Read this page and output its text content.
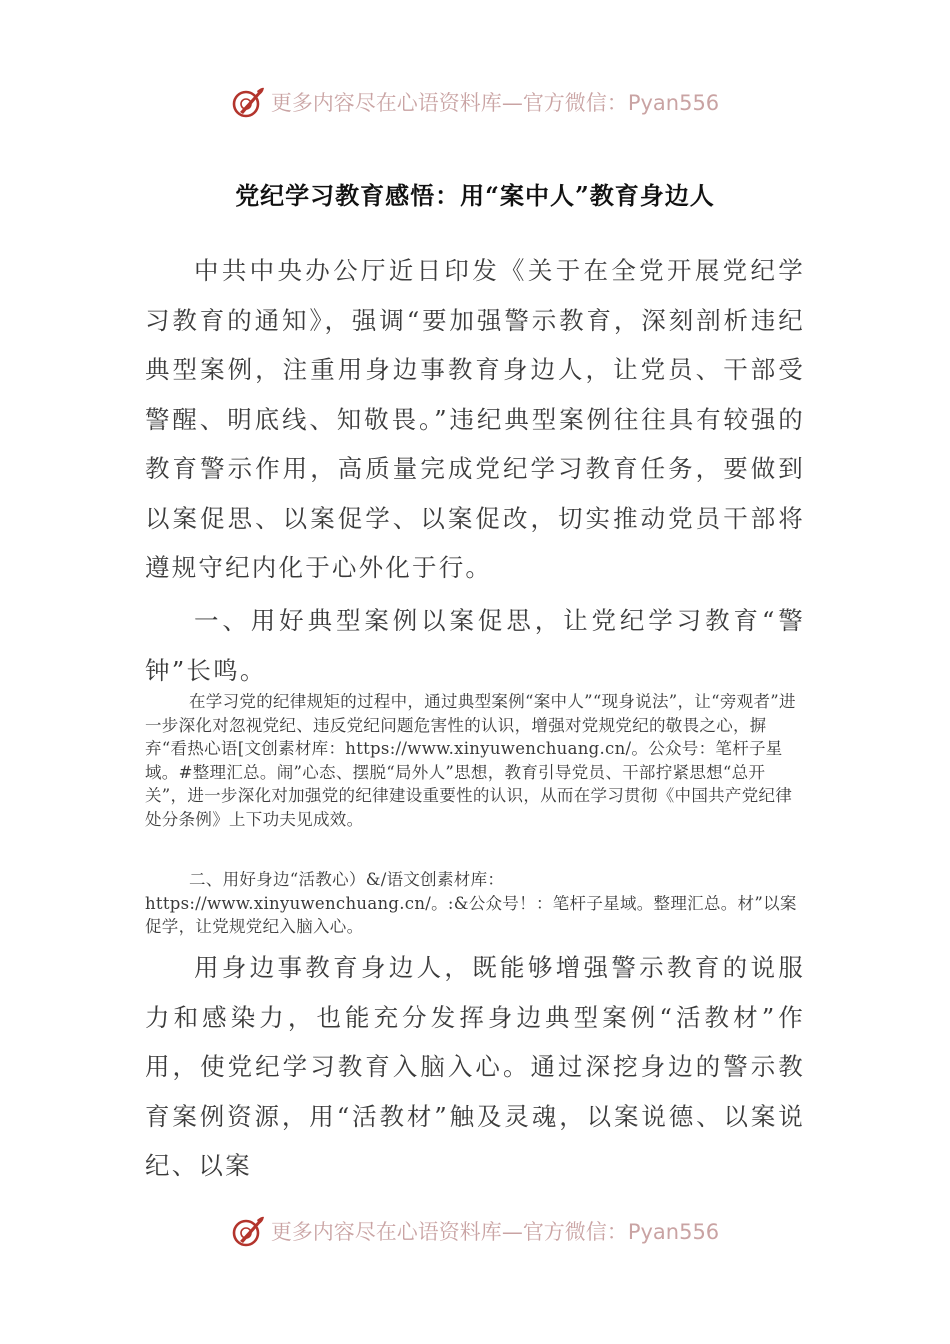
更多内容尽在心语资料库—官方微信：Pyan556
党纪学习教育感悟：用“案中人”教育身边人
中共中央办公厅近日印发《关于在全党开展党纪学习教育的通知》，强调“要加强警示教育，深刻剖析违纪典型案例，注重用身边事教育身边人，让党员、干部受警醒、明底线、知敬畏。”违纪典型案例往往具有较强的教育警示作用，高质量完成党纪学习教育任务，要做到以案促思、以案促学、以案促改，切实推动党员干部将遵规守纪内化于心外化于行。
一、用好典型案例以案促思，让党纪学习教育“警钟”长鸣。
在学习党的纪律规矩的过程中，通过典型案例“案中人”“现身说法”，让“旁观者”进一步深化对忽视党纪、违反党纪问题危害性的认识，增强对党规党纪的敬畏之心，摒弃“看热心语[文创素材库：https://www.xinyuwenchuang.cn/。公众号：笔杆子星域。#整理汇总。闹”心态、摆脱“局外人”思想，教育引导党员、干部拧紧思想“总开关”，进一步深化对加强党的纪律建设重要性的认识，从而在学习贯彻《中国共产党纪律处分条例》上下功夫见成效。
二、用好身边“活教心）&/语文创素材库：https://www.xinyuwenchuang.cn/。:&公众号！：笔杆子星域。整理汇总。材”以案促学，让党规党纪入脑入心。
用身边事教育身边人，既能够增强警示教育的说服力和感染力，也能充分发挥身边典型案例“活教材”作用，使党纪学习教育入脑入心。通过深挖身边的警示教育案例资源，用“活教材”触及灵魂，以案说德、以案说纪、以案
更多内容尽在心语资料库—官方微信：Pyan556
